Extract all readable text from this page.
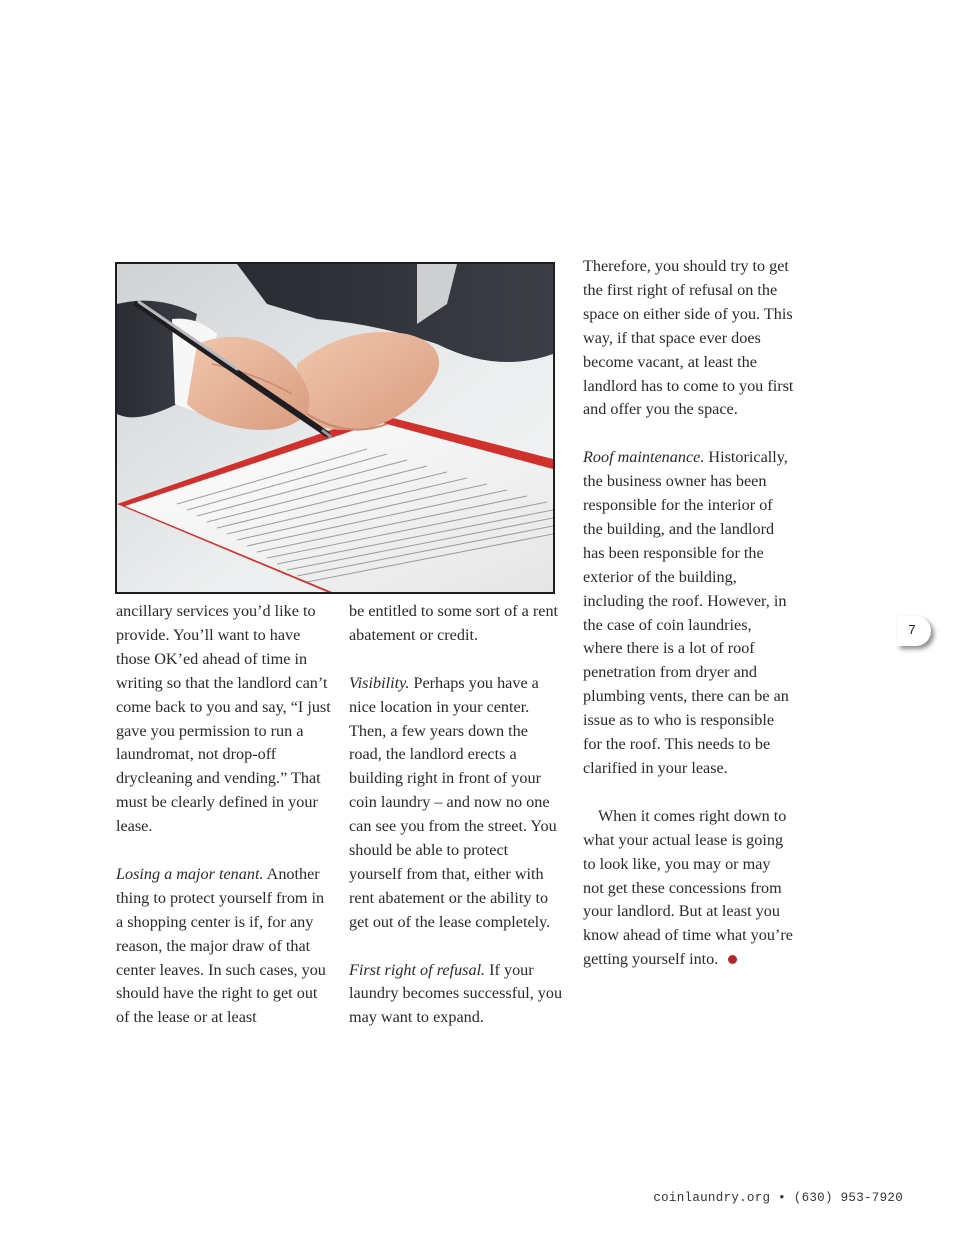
ancillary services you’d like to provide. You’ll want to have those OK’ed ahead of time in writing so that the landlord can’t come back to you and say, “I just gave you permission to run a laundromat, not drop-off drycleaning and vending.” That must be clearly defined in your lease.

Losing a major tenant. Another thing to protect yourself from in a shopping center is if, for any reason, the major draw of that center leaves. In such cases, you should have the right to get out of the lease or at least

be entitled to some sort of a rent abatement or credit.

Visibility. Perhaps you have a nice location in your center. Then, a few years down the road, the landlord erects a building right in front of your coin laundry – and now no one can see you from the street. You should be able to protect yourself from that, either with rent abatement or the ability to get out of the lease completely.

First right of refusal. If your laundry becomes successful, you may want to expand.

Therefore, you should try to get the first right of refusal on the space on either side of you. This way, if that space ever does become vacant, at least the landlord has to come to you first and offer you the space.

Roof maintenance. Historically, the business owner has been responsible for the interior of the building, and the landlord has been responsible for the exterior of the building, including the roof. However, in the case of coin laundries, where there is a lot of roof penetration from dryer and plumbing vents, there can be an issue as to who is responsible for the roof. This needs to be clarified in your lease.

When it comes right down to what your actual lease is going to look like, you may or may not get these concessions from your landlord. But at least you know ahead of time what you’re getting yourself into.

7
coinlaundry.org • (630) 953-7920
